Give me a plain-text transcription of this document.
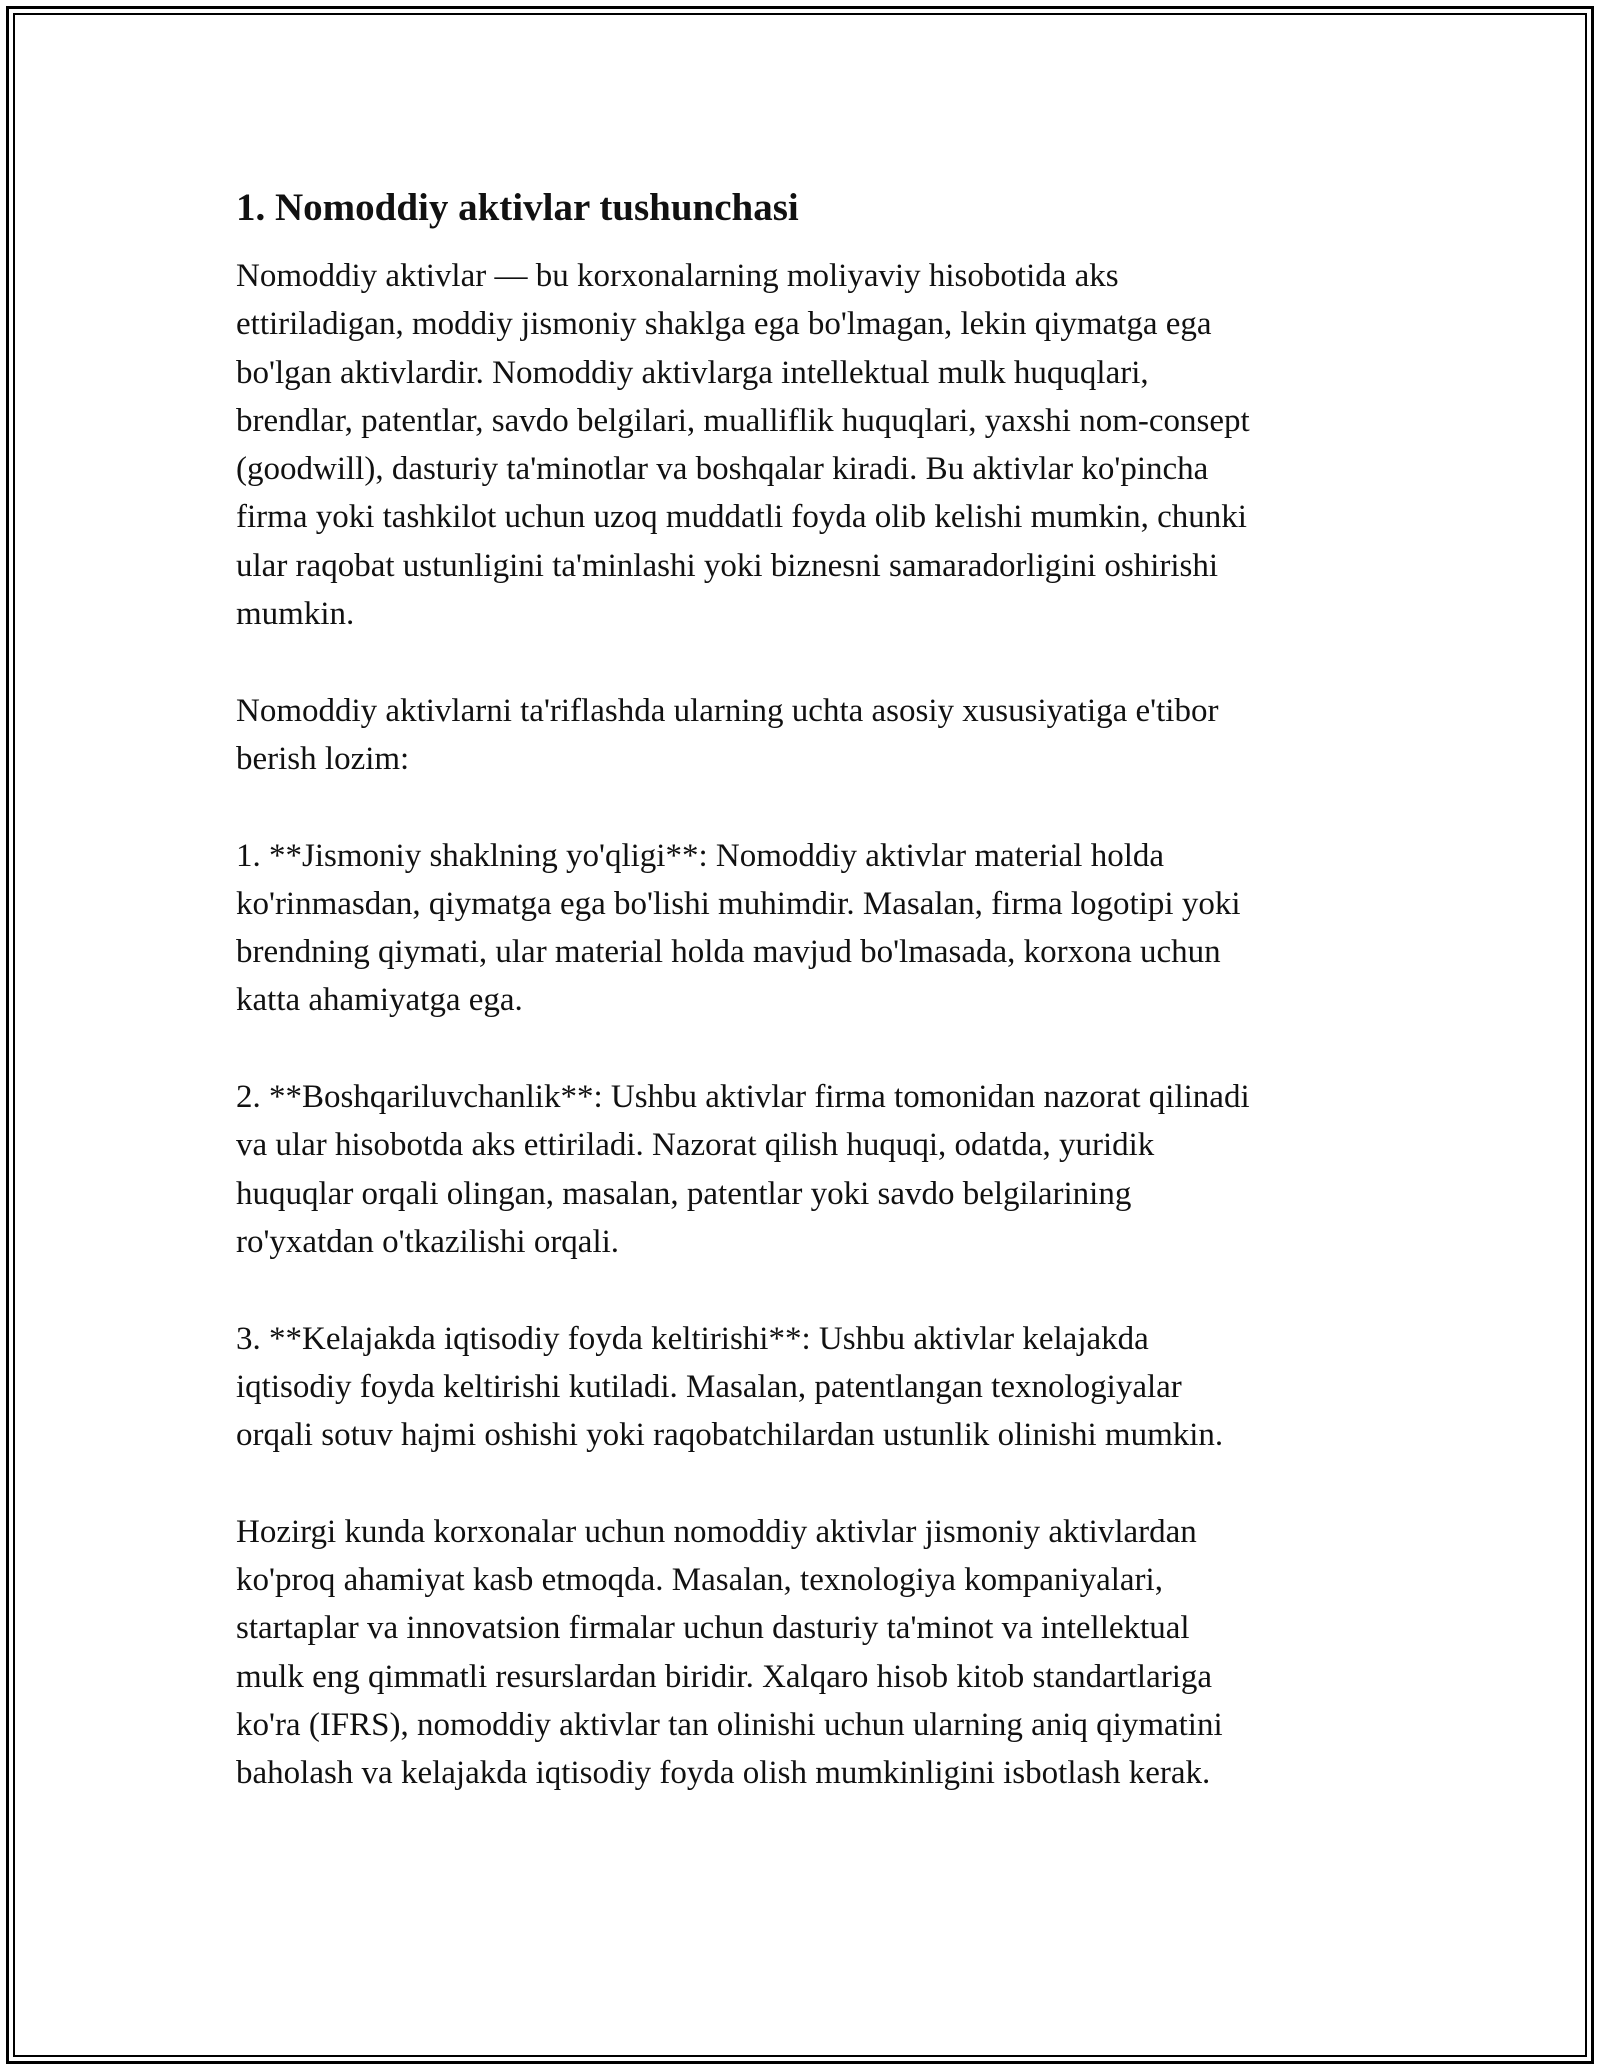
1. Nomoddiy aktivlar tushunchasi

Nomoddiy aktivlar — bu korxonalarning moliyaviy hisobotida aks
ettiriladigan, moddiy jismoniy shaklga ega bo'lmagan, lekin qiymatga ega
bo'lgan aktivlardir. Nomoddiy aktivlarga intellektual mulk huquqlari,
brendlar, patentlar, savdo belgilari, mualliflik huquqlari, yaxshi nom-consept
(goodwill), dasturiy ta'minotlar va boshqalar kiradi. Bu aktivlar ko'pincha
firma yoki tashkilot uchun uzoq muddatli foyda olib kelishi mumkin, chunki
ular raqobat ustunligini ta'minlashi yoki biznesni samaradorligini oshirishi
mumkin.

Nomoddiy aktivlarni ta'riflashda ularning uchta asosiy xususiyatiga e'tibor
berish lozim:

1. **Jismoniy shaklning yo'qligi**: Nomoddiy aktivlar material holda
ko'rinmasdan, qiymatga ega bo'lishi muhimdir. Masalan, firma logotipi yoki
brendning qiymati, ular material holda mavjud bo'lmasada, korxona uchun
katta ahamiyatga ega.

2. **Boshqariluvchanlik**: Ushbu aktivlar firma tomonidan nazorat qilinadi
va ular hisobotda aks ettiriladi. Nazorat qilish huquqi, odatda, yuridik
huquqlar orqali olingan, masalan, patentlar yoki savdo belgilarining
ro'yxatdan o'tkazilishi orqali.

3. **Kelajakda iqtisodiy foyda keltirishi**: Ushbu aktivlar kelajakda
iqtisodiy foyda keltirishi kutiladi. Masalan, patentlangan texnologiyalar
orqali sotuv hajmi oshishi yoki raqobatchilardan ustunlik olinishi mumkin.

Hozirgi kunda korxonalar uchun nomoddiy aktivlar jismoniy aktivlardan
ko'proq ahamiyat kasb etmoqda. Masalan, texnologiya kompaniyalari,
startaplar va innovatsion firmalar uchun dasturiy ta'minot va intellektual
mulk eng qimmatli resurslardan biridir. Xalqaro hisob kitob standartlariga
ko'ra (IFRS), nomoddiy aktivlar tan olinishi uchun ularning aniq qiymatini
baholash va kelajakda iqtisodiy foyda olish mumkinligini isbotlash kerak.
